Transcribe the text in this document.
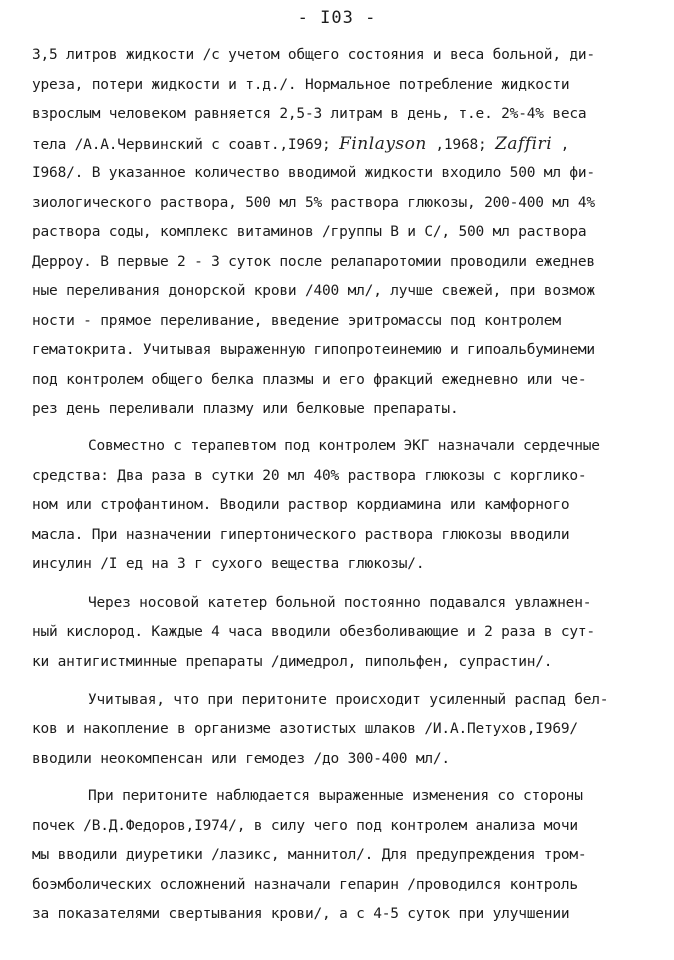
- I03 -
3,5 литров жидкости /с учетом общего состояния и веса больной, ди-
уреза, потери жидкости и т.д./. Нормальное потребление жидкости
взрослым человеком равняется 2,5-3 литрам в день, т.е. 2%-4% веса
тела /А.А.Червинский с соавт.,I969; Finlayson ,1968; Zaffiri ,
I968/. В указанное количество вводимой жидкости входило 500 мл фи-
зиологического раствора, 500 мл 5% раствора глюкозы, 200-400 мл 4%
раствора соды, комплекс витаминов /группы В и С/, 500 мл раствора
Дерроу. В первые 2 - 3 суток после релапаротомии проводили ежеднев
ные переливания донорской крови /400 мл/, лучше свежей, при возмож
ности - прямое переливание, введение эритромассы под контролем
гематокрита. Учитывая выраженную гипопротеинемию и гипоальбуминеми
под контролем общего белка плазмы и его фракций ежедневно или че-
рез день переливали плазму или белковые препараты.
Совместно с терапевтом под контролем ЭКГ назначали сердечные
средства: Два раза в сутки 20 мл 40% раствора глюкозы с корглико-
ном или строфантином. Вводили раствор кордиамина или камфорного
масла. При назначении гипертонического раствора глюкозы вводили
инсулин /I ед на 3 г сухого вещества глюкозы/.
Через носовой катетер больной постоянно подавался увлажнен-
ный кислород. Каждые 4 часа вводили обезболивающие и 2 раза в сут-
ки антигистминные препараты /димедрол, пипольфен, супрастин/.
Учитывая, что при перитоните происходит усиленный распад бел-
ков и накопление в организме азотистых шлаков /И.А.Петухов,I969/
вводили неокомпенсан или гемодез /до 300-400 мл/.
При перитоните наблюдается выраженные изменения со стороны
почек /В.Д.Федоров,I974/, в силу чего под контролем анализа мочи
мы вводили диуретики /лазикс, маннитол/. Для предупреждения тром-
боэмболических осложнений назначали гепарин /проводился контроль
за показателями свертывания крови/, а с 4-5 суток при улучшении
